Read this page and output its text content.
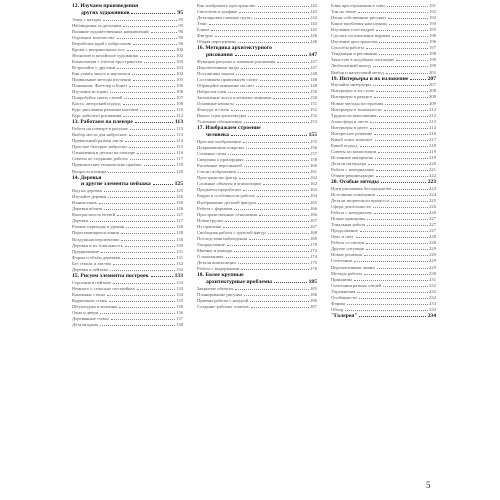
12. Изучаем произведения
других художников	95
Этюд с натуры	95
Наблюдения за деталями	95
Влияние художественных направлений	96
Огромное количество	96
Разработка идей с набросками	96
Кроки с неправильных поз	100
Японские и китайские художники	102
Композиции с учётом пространства	103
Встречайте с другими	104
Как узнать много и научиться	104
Правильные методы изучения	105
Понимаем, Флетчер и Бонет	106
Изучение истории	106
Попробуйте своих стилей	107
Кисть: авторский подход	108
Курс рисования разными кистями	110
Курс рабочего рисования	112
13. Работаем на пленэре	113
Работа на пленэре в рисунке	113
Выбор места для набросков	113
Правильный размер листа	114
Простые быстрые наброски	115
Отношения и детали на пленэре	116
Советы по созданию работы	117
Практические технические приёмы	118
Вопросы пленэра	120
14. Деревья
и другие элементы пейзажа	125
Вид на деревья	125
Изучайте деревья	126
Взаимосвязь	126
Деревья вблизи	126
Контрастность ветвей	127
Деревья	127
Разные переходы и уровни	128
Пересекающиеся линии	128
Воздушная перспектива	130
Деревья и их тональность	130
Продвижение	131
Форма и объём деревьев	131
Без ствола и листвы	132
Деревья в пейзаже	132
15. Рисуем элементы построек	133
Строения в пейзаже	133
Немного о сельских постройках	133
Каменные стены	134
Кирпичные стены	135
Штукатурка и колонны	136
Окна и двери	136
Деревянные стены	137
Детали крыш	138
Как изображать пространство	142
Светотень в графике	142
Деталировка главных групп	142
Тени	143
Блики	145
Фигуры	146
Общая перспектива	146
16. Методика архитектурного
рисования	147
Функции рисунка и значение рисования	147
Перспективные виды	147
Постановка задачи	148
Составляем правильную схему	148
Обращайте внимание на свет	148
Наброски сцен	150
Заполнение листа плотными линиями	150
Основные нюансы	151
Фактура и стиль	152
Вынос сцен архитектуры	152
Условные обозначения	153
17. Изображаем строение
человека	155
Простые изображения	155
Покрывающие покровы	156
Сложные позы	157
Сведения о пропорциях	158
Рисование персонажей	160
Стили отображения	161
Пространство фигур	162
Сложные объекты и композиции	162
Предметы проработки	163
Кадры и особенности работы	164
Изображение деталей фигуры	165
Работа с формами	166
Пространственные отношения	166
Новая группа	167
Из практики	167
Свободная работа с группой фигур	168
Последствия наблюдения	169
Упорядочение	170
Мнение и выводы	172
О показаниях	174
Детали композиции	175
Работа с выдержками	176
18. Более крупные
архитектурные проблемы	185
Закрытые объекты	185
Планирование рисунка	186
Приемы работы с натурой	186
Создание рабочих эскизов	187
Блик при отражении в тени	191
Тон на земле	192
Наши собственные рисунки	192
Какие проблемы нам нужны	193
Изучение стоп-кадров	195
Сделать соотношение верным	196
Изучение пространства	196
Способы работы	197
Тенденции в рисовании	198
Зачастую в подобных ситуациях	199
Любопытный выход	199
Выбор и наилучший метод	201
19. Интерьеры и их изложение	207
Изучайте интерьеры	207
Интерьеры и их стиль	208
Интерьеры в ракурсе	209
Новые методы построения	209
Интерьеры в тональности	212
Трудности выполнения	212
Атмосфера в листе	213
Интерьеры в цвете	214
Интересное решение	216
Какой эскиз поможет	217
Какой подход	218
Советы по композиции	219
Истинные материалы	219
Детали интерьера	220
Работа с материалами	221
Общие рекомендации	222
20. Особые методы	223
Идеи рисования без предметов	223
Источники освещения	224
Детали творческого процесса	225
Сфера деятельности	226
Работа с материалом	226
Новые принципы	227
Тональная работа	227
Продолжение	227
Цвет и свет	228
Работа со светом	228
Другие ситуации	229
Новые решения	229
Сочетания	229
Перспективные линии	229
Методы работы	230
Принципы	231
Сочетания разных стилей	232
Упражнения	232
Особенности	232
Формы	233
Обзор	234
"Галерея"	234
5
